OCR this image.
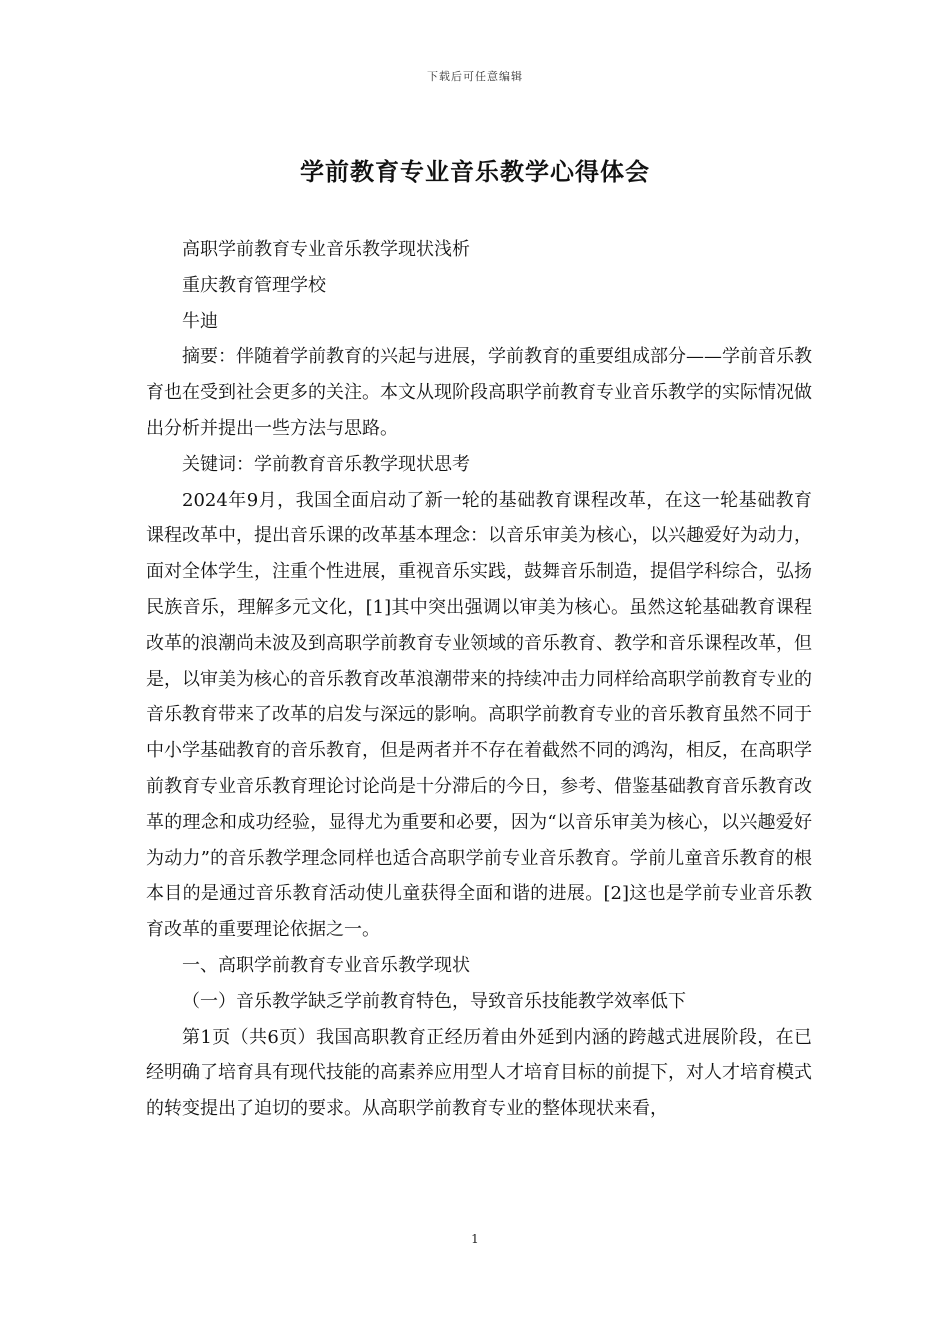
下载后可任意编辑
学前教育专业音乐教学心得体会

高职学前教育专业音乐教学现状浅析

重庆教育管理学校

牛迪

摘要：伴随着学前教育的兴起与进展，学前教育的重要组成部分——学前音乐教育也在受到社会更多的关注。本文从现阶段高职学前教育专业音乐教学的实际情况做出分析并提出一些方法与思路。

关键词：学前教育音乐教学现状思考

2024年9月，我国全面启动了新一轮的基础教育课程改革，在这一轮基础教育课程改革中，提出音乐课的改革基本理念：以音乐审美为核心，以兴趣爱好为动力，面对全体学生，注重个性进展，重视音乐实践，鼓舞音乐制造，提倡学科综合，弘扬民族音乐，理解多元文化，[1]其中突出强调以审美为核心。虽然这轮基础教育课程改革的浪潮尚未波及到高职学前教育专业领域的音乐教育、教学和音乐课程改革，但是，以审美为核心的音乐教育改革浪潮带来的持续冲击力同样给高职学前教育专业的音乐教育带来了改革的启发与深远的影响。高职学前教育专业的音乐教育虽然不同于中小学基础教育的音乐教育，但是两者并不存在着截然不同的鸿沟，相反，在高职学前教育专业音乐教育理论讨论尚是十分滞后的今日，参考、借鉴基础教育音乐教育改革的理念和成功经验，显得尤为重要和必要，因为“以音乐审美为核心，以兴趣爱好为动力”的音乐教学理念同样也适合高职学前专业音乐教育。学前儿童音乐教育的根本目的是通过音乐教育活动使儿童获得全面和谐的进展。[2]这也是学前专业音乐教育改革的重要理论依据之一。

一、高职学前教育专业音乐教学现状

（一）音乐教学缺乏学前教育特色，导致音乐技能教学效率低下

第1页（共6页）我国高职教育正经历着由外延到内涵的跨越式进展阶段，在已经明确了培育具有现代技能的高素养应用型人才培育目标的前提下，对人才培育模式的转变提出了迫切的要求。从高职学前教育专业的整体现状来看，

1
